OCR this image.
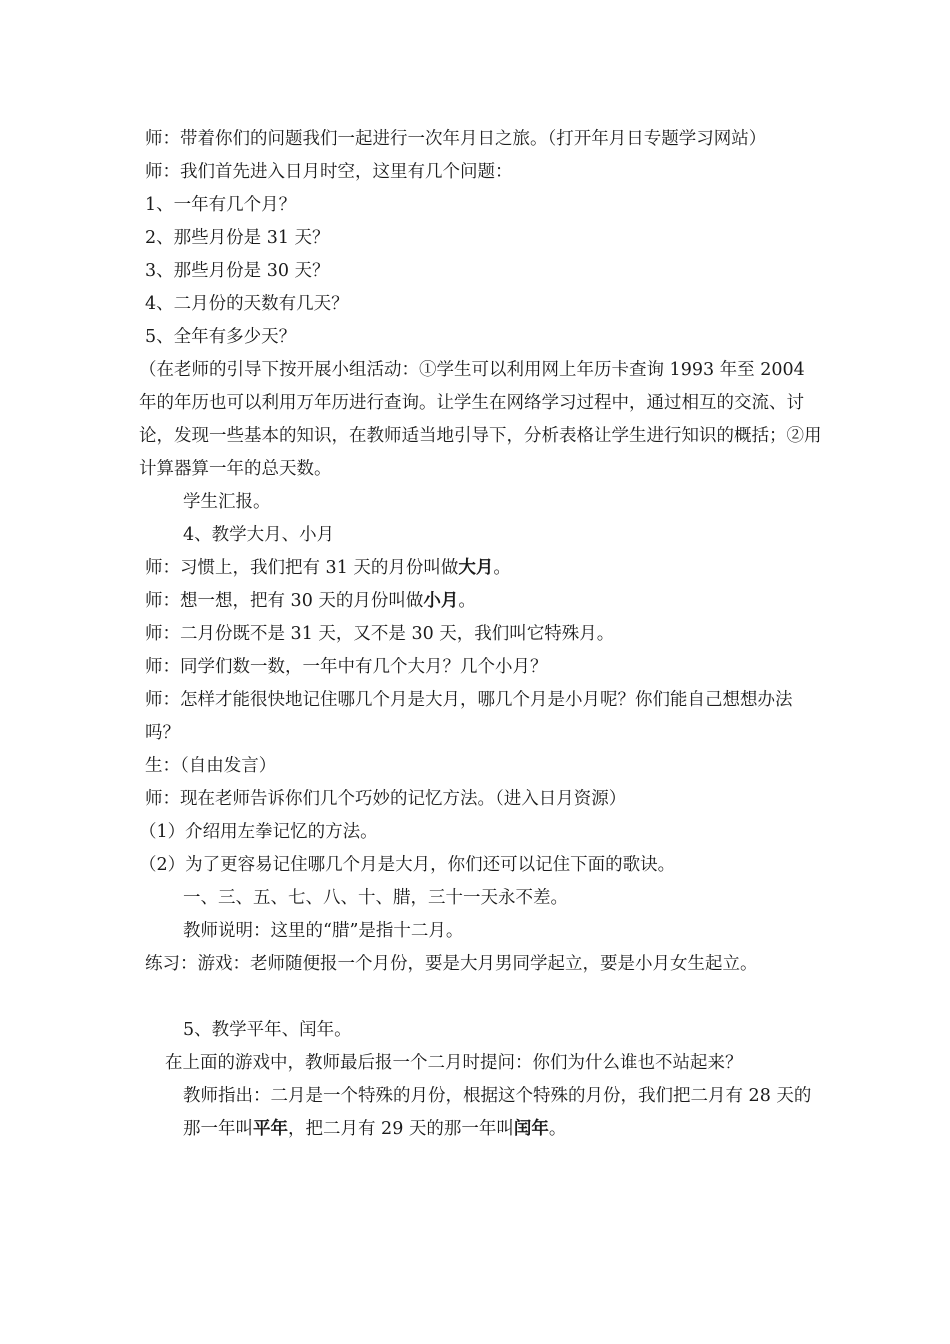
师：带着你们的问题我们一起进行一次年月日之旅。（打开年月日专题学习网站）
师：我们首先进入日月时空，这里有几个问题：
1、一年有几个月？
2、那些月份是 31 天？
3、那些月份是 30 天？
4、二月份的天数有几天？
5、全年有多少天？
（在老师的引导下按开展小组活动：①学生可以利用网上年历卡查询 1993 年至 2004 年的年历也可以利用万年历进行查询。让学生在网络学习过程中，通过相互的交流、讨论，发现一些基本的知识，在教师适当地引导下，分析表格让学生进行知识的概括；②用计算器算一年的总天数。
学生汇报。
4、教学大月、小月
师：习惯上，我们把有 31 天的月份叫做大月。
师：想一想，把有 30 天的月份叫做小月。
师：二月份既不是 31 天，又不是 30 天，我们叫它特殊月。
师：同学们数一数，一年中有几个大月？几个小月？
师：怎样才能很快地记住哪几个月是大月，哪几个月是小月呢？你们能自己想想办法吗？
生：（自由发言）
师：现在老师告诉你们几个巧妙的记忆方法。（进入日月资源）
（1）介绍用左拳记忆的方法。
（2）为了更容易记住哪几个月是大月，你们还可以记住下面的歌诀。
一、三、五、七、八、十、腊，三十一天永不差。
教师说明：这里的“腊”是指十二月。
练习：游戏：老师随便报一个月份，要是大月男同学起立，要是小月女生起立。
5、教学平年、闰年。
在上面的游戏中，教师最后报一个二月时提问：你们为什么谁也不站起来？
教师指出：二月是一个特殊的月份，根据这个特殊的月份，我们把二月有 28 天的那一年叫平年，把二月有 29 天的那一年叫闰年。
